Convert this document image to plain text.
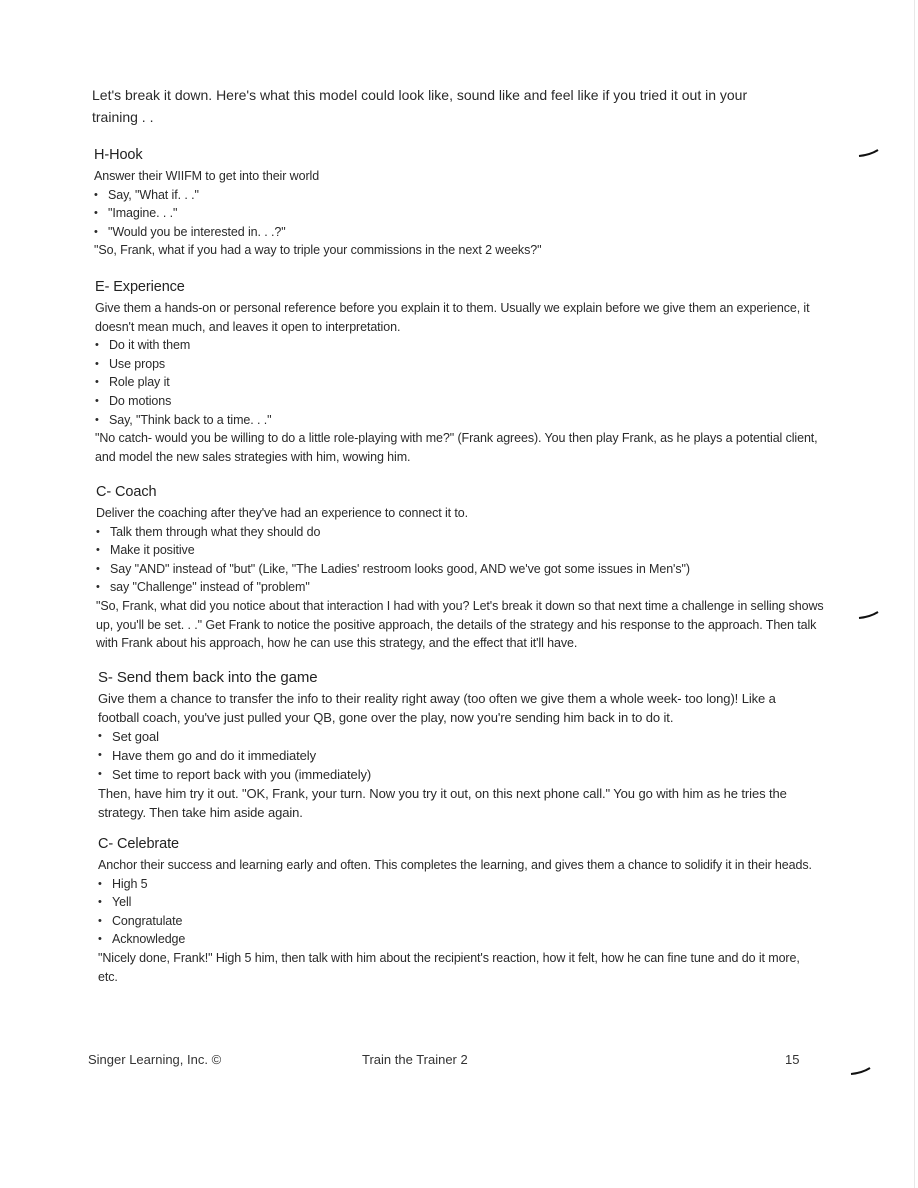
Let's break it down. Here's what this model could look like, sound like and feel like if you tried it out in your training . .
H-Hook

Answer their WIIFM to get into their world

• Say, "What if. . ."
• "Imagine. . ."
• "Would you be interested in. . .?"

"So, Frank, what if you had a way to triple your commissions in the next 2 weeks?"

E- Experience

Give them a hands-on or personal reference before you explain it to them. Usually we explain before we give them an experience, it doesn't mean much, and leaves it open to interpretation.

• Do it with them
• Use props
• Role play it
• Do motions
• Say, "Think back to a time. . ."

"No catch- would you be willing to do a little role-playing with me?" (Frank agrees). You then play Frank, as he plays a potential client, and model the new sales strategies with him, wowing him.

C- Coach

Deliver the coaching after they've had an experience to connect it to.

• Talk them through what they should do
• Make it positive
• Say "AND" instead of "but" (Like, "The Ladies' restroom looks good, AND we've got some issues in Men's")
• say "Challenge" instead of "problem"

"So, Frank, what did you notice about that interaction I had with you? Let's break it down so that next time a challenge in selling shows up, you'll be set. . ." Get Frank to notice the positive approach, the details of the strategy and his response to the approach. Then talk with Frank about his approach, how he can use this strategy, and the effect that it'll have.

S- Send them back into the game

Give them a chance to transfer the info to their reality right away (too often we give them a whole week- too long)! Like a football coach, you've just pulled your QB, gone over the play, now you're sending him back in to do it.

• Set goal
• Have them go and do it immediately
• Set time to report back with you (immediately)

Then, have him try it out. "OK, Frank, your turn. Now you try it out, on this next phone call." You go with him as he tries the strategy. Then take him aside again.

C- Celebrate

Anchor their success and learning early and often. This completes the learning, and gives them a chance to solidify it in their heads.

• High 5
• Yell
• Congratulate
• Acknowledge

"Nicely done, Frank!" High 5 him, then talk with him about the recipient's reaction, how it felt, how he can fine tune and do it more, etc.

Singer Learning, Inc. ©	Train the Trainer 2	15
